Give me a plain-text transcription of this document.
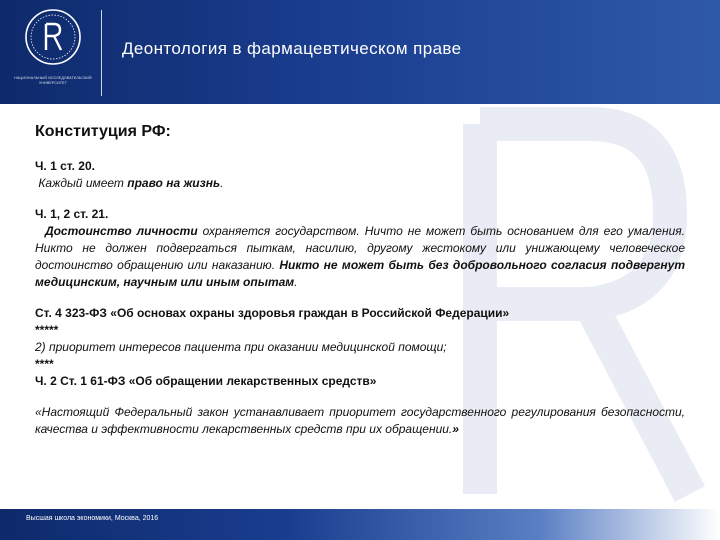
НАЦИОНАЛЬНЫЙ ИССЛЕДОВАТЕЛЬСКИЙ УНИВЕРСИТЕТ
Деонтология в фармацевтическом праве
Конституция РФ:

Ч. 1 ст. 20.

Каждый имеет право на жизнь.

Ч. 1, 2 ст. 21.

Достоинство личности охраняется государством. Ничто не может быть основанием для его умаления. Никто не должен подвергаться пыткам, насилию, другому жестокому или унижающему человеческое достоинство обращению или наказанию. Никто не может быть без добровольного согласия подвергнут медицинским, научным или иным опытам.

Ст. 4 323-ФЗ «Об основах охраны здоровья граждан в Российской Федерации»

*****

2) приоритет интересов пациента при оказании медицинской помощи;

****

Ч. 2 Ст. 1 61-ФЗ «Об обращении лекарственных средств»

«Настоящий Федеральный закон устанавливает приоритет государственного регулирования безопасности, качества и эффективности лекарственных средств при их обращении.»

Высшая школа экономики, Москва, 2016
